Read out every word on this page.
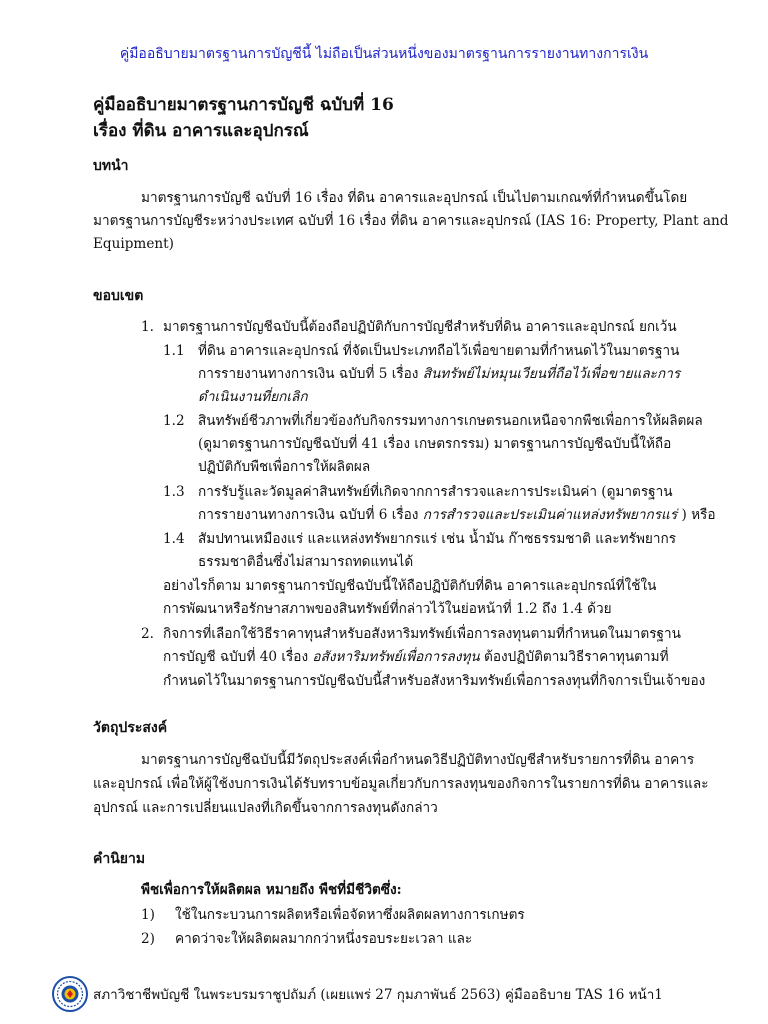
คู่มืออธิบายมาตรฐานการบัญชีนี้ ไม่ถือเป็นส่วนหนึ่งของมาตรฐานการรายงานทางการเงิน
คู่มืออธิบายมาตรฐานการบัญชี ฉบับที่ 16
เรื่อง ที่ดิน อาคารและอุปกรณ์
บทนำ
มาตรฐานการบัญชี ฉบับที่ 16 เรื่อง ที่ดิน อาคารและอุปกรณ์ เป็นไปตามเกณฑ์ที่กำหนดขึ้นโดย
มาตรฐานการบัญชีระหว่างประเทศ ฉบับที่ 16 เรื่อง ที่ดิน อาคารและอุปกรณ์ (IAS 16: Property, Plant and
Equipment)
ขอบเขต
1. มาตรฐานการบัญชีฉบับนี้ต้องถือปฏิบัติกับการบัญชีสำหรับที่ดิน อาคารและอุปกรณ์ ยกเว้น
1.1 ที่ดิน อาคารและอุปกรณ์ ที่จัดเป็นประเภทถือไว้เพื่อขายตามที่กำหนดไว้ในมาตรฐาน
การรายงานทางการเงิน ฉบับที่ 5 เรื่อง สินทรัพย์ไม่หมุนเวียนที่ถือไว้เพื่อขายและการ
ดำเนินงานที่ยกเลิก
1.2 สินทรัพย์ชีวภาพที่เกี่ยวข้องกับกิจกรรมทางการเกษตรนอกเหนือจากพืชเพื่อการให้ผลิตผล
(ดูมาตรฐานการบัญชีฉบับที่ 41 เรื่อง เกษตรกรรม) มาตรฐานการบัญชีฉบับนี้ให้ถือ
ปฏิบัติกับพืชเพื่อการให้ผลิตผล
1.3 การรับรู้และวัดมูลค่าสินทรัพย์ที่เกิดจากการสำรวจและการประเมินค่า (ดูมาตรฐาน
การรายงานทางการเงิน ฉบับที่ 6 เรื่อง การสำรวจและประเมินค่าแหล่งทรัพยากรแร่ ) หรือ
1.4 สัมปทานเหมืองแร่ และแหล่งทรัพยากรแร่ เช่น น้ำมัน ก๊าซธรรมชาติ และทรัพยากร
ธรรมชาติอื่นซึ่งไม่สามารถทดแทนได้
อย่างไรก็ตาม มาตรฐานการบัญชีฉบับนี้ให้ถือปฏิบัติกับที่ดิน อาคารและอุปกรณ์ที่ใช้ใน
การพัฒนาหรือรักษาสภาพของสินทรัพย์ที่กล่าวไว้ในย่อหน้าที่ 1.2 ถึง 1.4 ด้วย
2. กิจการที่เลือกใช้วิธีราคาทุนสำหรับอสังหาริมทรัพย์เพื่อการลงทุนตามที่กำหนดในมาตรฐาน
การบัญชี ฉบับที่ 40 เรื่อง อสังหาริมทรัพย์เพื่อการลงทุน ต้องปฏิบัติตามวิธีราคาทุนตามที่
กำหนดไว้ในมาตรฐานการบัญชีฉบับนี้สำหรับอสังหาริมทรัพย์เพื่อการลงทุนที่กิจการเป็นเจ้าของ
วัตถุประสงค์
มาตรฐานการบัญชีฉบับนี้มีวัตถุประสงค์เพื่อกำหนดวิธีปฏิบัติทางบัญชีสำหรับรายการที่ดิน อาคาร
และอุปกรณ์ เพื่อให้ผู้ใช้งบการเงินได้รับทราบข้อมูลเกี่ยวกับการลงทุนของกิจการในรายการที่ดิน อาคารและ
อุปกรณ์ และการเปลี่ยนแปลงที่เกิดขึ้นจากการลงทุนดังกล่าว
คำนิยาม
พืชเพื่อการให้ผลิตผล หมายถึง พืชที่มีชีวิตซึ่ง:
1) ใช้ในกระบวนการผลิตหรือเพื่อจัดหาซึ่งผลิตผลทางการเกษตร
2) คาดว่าจะให้ผลิตผลมากกว่าหนึ่งรอบระยะเวลา และ
สภาวิชาชีพบัญชี ในพระบรมราชูปถัมภ์ (เผยแพร่ 27 กุมภาพันธ์ 2563) คู่มืออธิบาย TAS 16 หน้า1
